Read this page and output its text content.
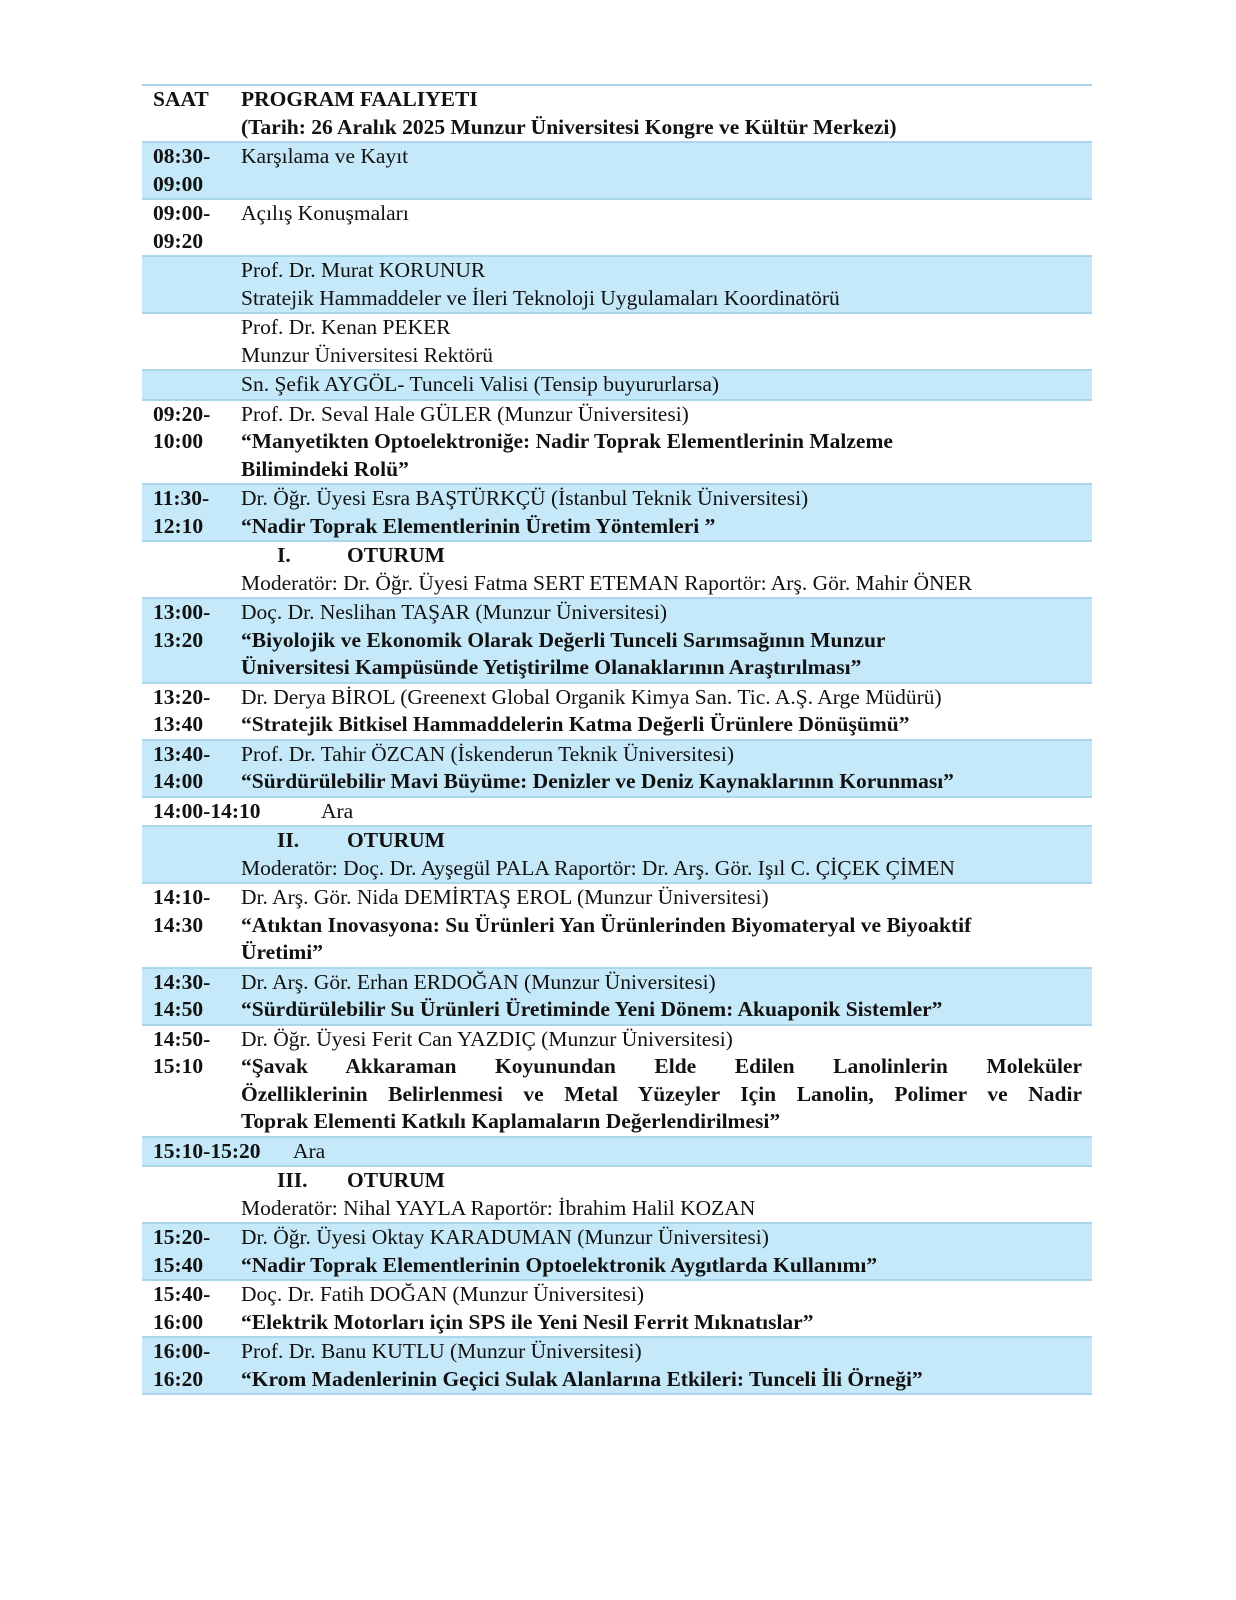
SAAT	PROGRAM FAALIYETI
(Tarih: 26 Aralık 2025 Munzur Üniversitesi Kongre ve Kültür Merkezi)

08:30-
09:00	Karşılama ve Kayıt

09:00-
09:20	Açılış Konuşmaları

	Prof. Dr. Murat KORUNUR
Stratejik Hammaddeler ve İleri Teknoloji Uygulamaları Koordinatörü

	Prof. Dr. Kenan PEKER
Munzur Üniversitesi Rektörü

	Sn. Şefik AYGÖL- Tunceli Valisi (Tensip buyururlarsa)

09:20-
10:00	Prof. Dr. Seval Hale GÜLER (Munzur Üniversitesi)
“Manyetikten Optoelektroniğe: Nadir Toprak Elementlerinin Malzeme
Bilimindeki Rolü”

11:30-
12:10	Dr. Öğr. Üyesi Esra BAŞTÜRKÇÜ (İstanbul Teknik Üniversitesi)
“Nadir Toprak Elementlerinin Üretim Yöntemleri ”

	I. OTURUM
Moderatör: Dr. Öğr. Üyesi Fatma SERT ETEMAN Raportör: Arş. Gör. Mahir ÖNER

13:00-
13:20	Doç. Dr. Neslihan TAŞAR (Munzur Üniversitesi)
“Biyolojik ve Ekonomik Olarak Değerli Tunceli Sarımsağının Munzur
Üniversitesi Kampüsünde Yetiştirilme Olanaklarının Araştırılması”

13:20-
13:40	Dr. Derya BİROL (Greenext Global Organik Kimya San. Tic. A.Ş. Arge Müdürü)
“Stratejik Bitkisel Hammaddelerin Katma Değerli Ürünlere Dönüşümü”

13:40-
14:00	Prof. Dr. Tahir ÖZCAN (İskenderun Teknik Üniversitesi)
“Sürdürülebilir Mavi Büyüme: Denizler ve Deniz Kaynaklarının Korunması”

14:00-14:10 Ara	

	II. OTURUM
Moderatör: Doç. Dr. Ayşegül PALA Raportör: Dr. Arş. Gör. Işıl C. ÇİÇEK ÇİMEN

14:10-
14:30	Dr. Arş. Gör. Nida DEMİRTAŞ EROL (Munzur Üniversitesi)
“Atıktan Inovasyona: Su Ürünleri Yan Ürünlerinden Biyomateryal ve Biyoaktif
Üretimi”

14:30-
14:50	Dr. Arş. Gör. Erhan ERDOĞAN (Munzur Üniversitesi)
“Sürdürülebilir Su Ürünleri Üretiminde Yeni Dönem: Akuaponik Sistemler”

14:50-
15:10	Dr. Öğr. Üyesi Ferit Can YAZDIÇ (Munzur Üniversitesi)
“Şavak Akkaraman Koyunundan Elde Edilen Lanolinlerin Moleküler
Özelliklerinin Belirlenmesi ve Metal Yüzeyler Için Lanolin, Polimer ve Nadir
Toprak Elementi Katkılı Kaplamaların Değerlendirilmesi”

15:10-15:20 Ara	

	III. OTURUM
Moderatör: Nihal YAYLA Raportör: İbrahim Halil KOZAN

15:20-
15:40	Dr. Öğr. Üyesi Oktay KARADUMAN (Munzur Üniversitesi)
“Nadir Toprak Elementlerinin Optoelektronik Aygıtlarda Kullanımı”

15:40-
16:00	Doç. Dr. Fatih DOĞAN (Munzur Üniversitesi)
“Elektrik Motorları için SPS ile Yeni Nesil Ferrit Mıknatıslar”

16:00-
16:20	Prof. Dr. Banu KUTLU (Munzur Üniversitesi)
“Krom Madenlerinin Geçici Sulak Alanlarına Etkileri: Tunceli İli Örneği”
